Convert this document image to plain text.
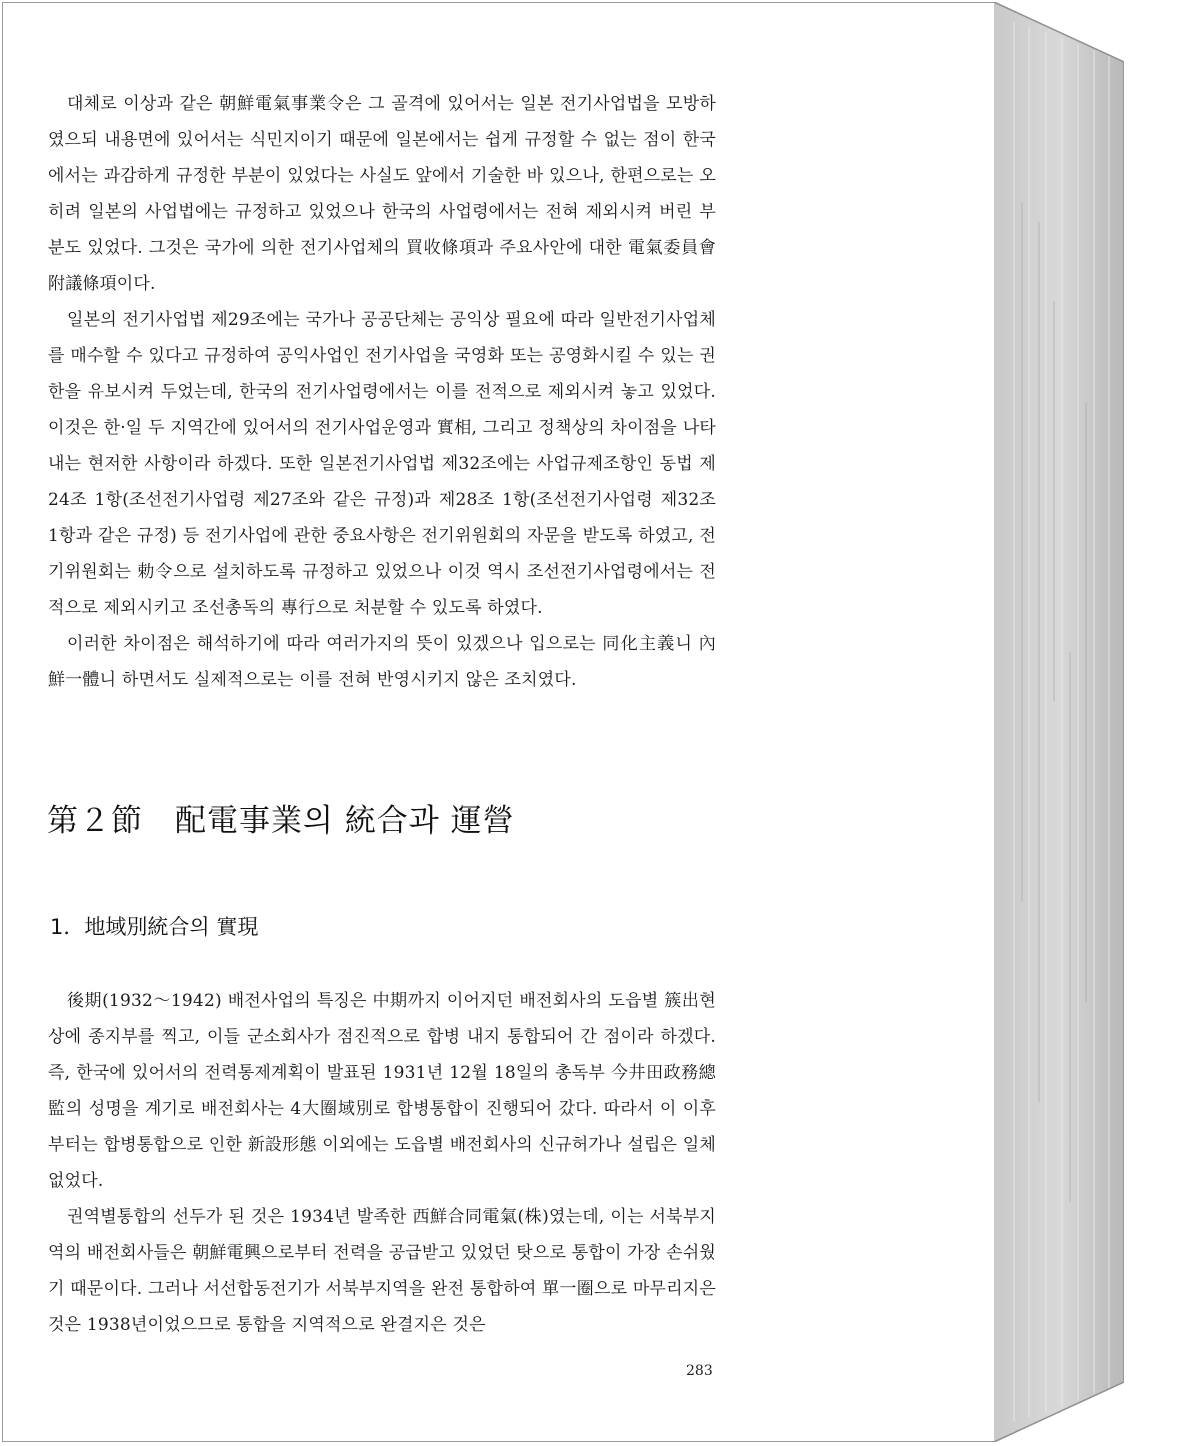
대체로 이상과 같은 朝鮮電氣事業令은 그 골격에 있어서는 일본 전기사업법을 모방하였으되 내용면에 있어서는 식민지이기 때문에 일본에서는 쉽게 규정할 수 없는 점이 한국에서는 과감하게 규정한 부분이 있었다는 사실도 앞에서 기술한 바 있으나, 한편으로는 오히려 일본의 사업법에는 규정하고 있었으나 한국의 사업령에서는 전혀 제외시켜 버린 부분도 있었다. 그것은 국가에 의한 전기사업체의 買收條項과 주요사안에 대한 電氣委員會附議條項이다.

일본의 전기사업법 제29조에는 국가나 공공단체는 공익상 필요에 따라 일반전기사업체를 매수할 수 있다고 규정하여 공익사업인 전기사업을 국영화 또는 공영화시킬 수 있는 권한을 유보시켜 두었는데, 한국의 전기사업령에서는 이를 전적으로 제외시켜 놓고 있었다. 이것은 한·일 두 지역간에 있어서의 전기사업운영과 實相, 그리고 정책상의 차이점을 나타내는 현저한 사항이라 하겠다. 또한 일본전기사업법 제32조에는 사업규제조항인 동법 제24조 1항(조선전기사업령 제27조와 같은 규정)과 제28조 1항(조선전기사업령 제32조 1항과 같은 규정) 등 전기사업에 관한 중요사항은 전기위원회의 자문을 받도록 하였고, 전기위원회는 勅令으로 설치하도록 규정하고 있었으나 이것 역시 조선전기사업령에서는 전적으로 제외시키고 조선총독의 專行으로 처분할 수 있도록 하였다.

이러한 차이점은 해석하기에 따라 여러가지의 뜻이 있겠으나 입으로는 同化主義니 內鮮一體니 하면서도 실제적으로는 이를 전혀 반영시키지 않은 조치였다.

第２節　配電事業의 統合과 運營
1．地域別統合의 實現

後期(1932～1942) 배전사업의 특징은 中期까지 이어지던 배전회사의 도읍별 簇出현상에 종지부를 찍고, 이들 군소회사가 점진적으로 합병 내지 통합되어 간 점이라 하겠다. 즉, 한국에 있어서의 전력통제계획이 발표된 1931년 12월 18일의 총독부 今井田政務總監의 성명을 계기로 배전회사는 4大圈域別로 합병통합이 진행되어 갔다. 따라서 이 이후부터는 합병통합으로 인한 新設形態 이외에는 도읍별 배전회사의 신규허가나 설립은 일체 없었다.

권역별통합의 선두가 된 것은 1934년 발족한 西鮮合同電氣(株)였는데, 이는 서북부지역의 배전회사들은 朝鮮電興으로부터 전력을 공급받고 있었던 탓으로 통합이 가장 손쉬웠기 때문이다. 그러나 서선합동전기가 서북부지역을 완전 통합하여 單一圈으로 마무리지은 것은 1938년이었으므로 통합을 지역적으로 완결지은 것은

283
